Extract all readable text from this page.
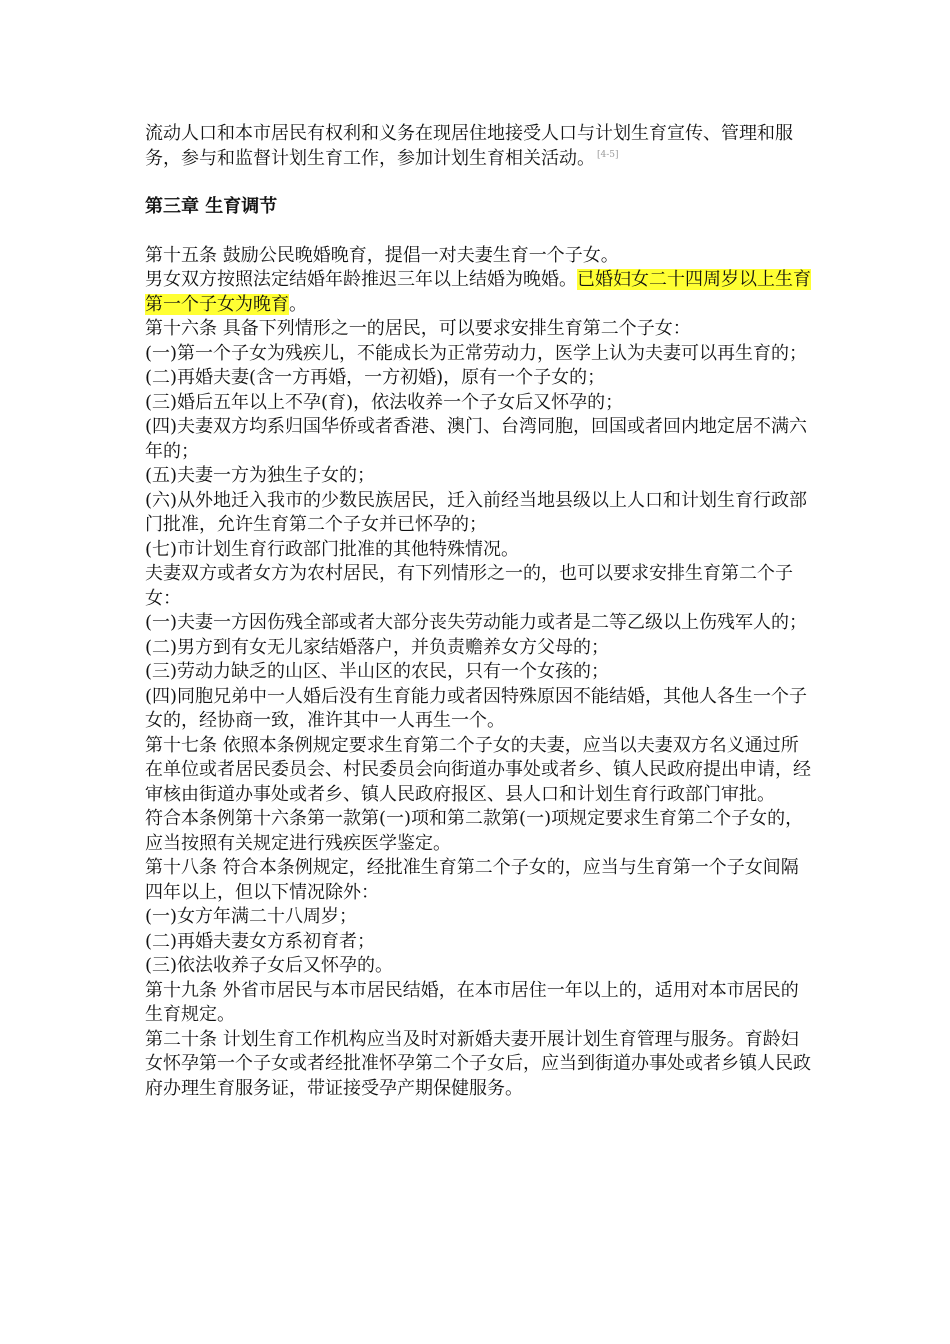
流动人口和本市居民有权利和义务在现居住地接受人口与计划生育宣传、管理和服务，参与和监督计划生育工作，参加计划生育相关活动。 [4-5]

第三章 生育调节

第十五条 鼓励公民晚婚晚育，提倡一对夫妻生育一个子女。

男女双方按照法定结婚年龄推迟三年以上结婚为晚婚。已婚妇女二十四周岁以上生育第一个子女为晚育。

第十六条 具备下列情形之一的居民，可以要求安排生育第二个子女：

(一)第一个子女为残疾儿，不能成长为正常劳动力，医学上认为夫妻可以再生育的；

(二)再婚夫妻(含一方再婚，一方初婚)，原有一个子女的；

(三)婚后五年以上不孕(育)，依法收养一个子女后又怀孕的；

(四)夫妻双方均系归国华侨或者香港、澳门、台湾同胞，回国或者回内地定居不满六年的；

(五)夫妻一方为独生子女的；

(六)从外地迁入我市的少数民族居民，迁入前经当地县级以上人口和计划生育行政部门批准，允许生育第二个子女并已怀孕的；

(七)市计划生育行政部门批准的其他特殊情况。

夫妻双方或者女方为农村居民，有下列情形之一的，也可以要求安排生育第二个子女：

(一)夫妻一方因伤残全部或者大部分丧失劳动能力或者是二等乙级以上伤残军人的；

(二)男方到有女无儿家结婚落户，并负责赡养女方父母的；

(三)劳动力缺乏的山区、半山区的农民，只有一个女孩的；

(四)同胞兄弟中一人婚后没有生育能力或者因特殊原因不能结婚，其他人各生一个子女的，经协商一致，准许其中一人再生一个。

第十七条 依照本条例规定要求生育第二个子女的夫妻，应当以夫妻双方名义通过所在单位或者居民委员会、村民委员会向街道办事处或者乡、镇人民政府提出申请，经审核由街道办事处或者乡、镇人民政府报区、县人口和计划生育行政部门审批。

符合本条例第十六条第一款第(一)项和第二款第(一)项规定要求生育第二个子女的，应当按照有关规定进行残疾医学鉴定。

第十八条 符合本条例规定，经批准生育第二个子女的，应当与生育第一个子女间隔四年以上，但以下情况除外：

(一)女方年满二十八周岁；

(二)再婚夫妻女方系初育者；

(三)依法收养子女后又怀孕的。

第十九条 外省市居民与本市居民结婚，在本市居住一年以上的，适用对本市居民的生育规定。

第二十条 计划生育工作机构应当及时对新婚夫妻开展计划生育管理与服务。育龄妇女怀孕第一个子女或者经批准怀孕第二个子女后，应当到街道办事处或者乡镇人民政府办理生育服务证，带证接受孕产期保健服务。
